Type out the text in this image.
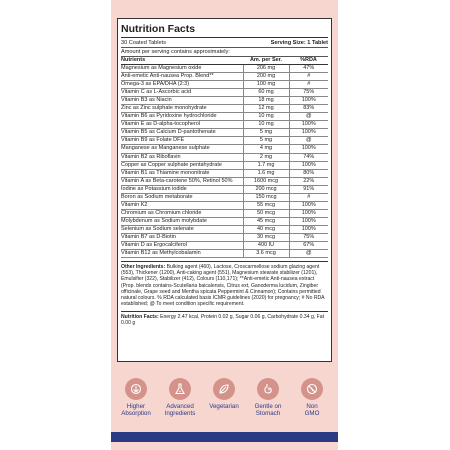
Nutrition Facts
30 Coated Tablets	Serving Size: 1 Tablet
Amount per serving contains approximately:
Nutrients	Am. per Ser.	%RDA
Magnesium as Magnesium oxide	206 mg	47%
Anti-emetic Anti-nausea Prop. Blend**	200 mg	#
Omega-3 as EPA/DHA (2:3)	100 mg	#
Vitamin C as L-Ascorbic acid	60 mg	75%
Vitamin B3 as Niacin	18 mg	100%
Zinc as Zinc sulphate monohydrate	12 mg	83%
Vitamin B6 as Pyridoxine hydrochloride	10 mg	@
Vitamin E as D-alpha-tocopherol	10 mg	100%
Vitamin B5 as Calcium D-pantothenate	5 mg	100%
Vitamin B9 as Folate DFE	5 mg	@
Manganese as Manganese sulphate	4 mg	100%
Vitamin B2 as Riboflavin	2 mg	74%
Copper as Copper sulphate pentahydrate	1.7 mg	100%
Vitamin B1 as Thiamine mononitrate	1.6 mg	80%
Vitamin A as Beta-carotene 50%, Retinol 50%	1600 mcg	22%
Iodine as Potassium iodide	200 mcg	91%
Boron as Sodium metaborate	150 mcg	#
Vitamin K2	55 mcg	100%
Chromium as Chromium chloride	50 mcg	100%
Molybdenum as Sodium molybdate	45 mcg	100%
Selenium as Sodium selenate	40 mcg	100%
Vitamin B7 as D-Biotin	30 mcg	75%
Vitamin D as Ergocalciferol	400 IU	67%
Vitamin B12 as Methylcobalamin	3.6 mcg	@
Other Ingredients: Bulking agent (460), Lactose, Croscarmellose sodium glazing agent (553), Thickener (1200), Anti-caking agent (551), Magnesium stearate stabilizer (1201), Emulsifier (322), Stabilizer (412), Colours (110,171); **Anti-emetic Anti-nausea extract (Prop. blends contains-Scutellaria baicalensis, Citrus ext, Ganoderma lucidum, Zingiber officinale, Grape seed and Mentha spicata Peppermint & Cinnamon); Contains permitted natural colours. % RDA calculated basis ICMR guidelines (2020) for pregnancy; # No RDA established; @ To meet condition specific requirement.
Nutrition Facts: Energy 2.47 kcal, Protein 0.02 g, Sugar 0.06 g, Carbohydrate 0.34 g, Fat 0.00 g
Higher
Absorption
Advanced
Ingredients
Vegetarian	Gentle on
Stomach
Non
GMO
